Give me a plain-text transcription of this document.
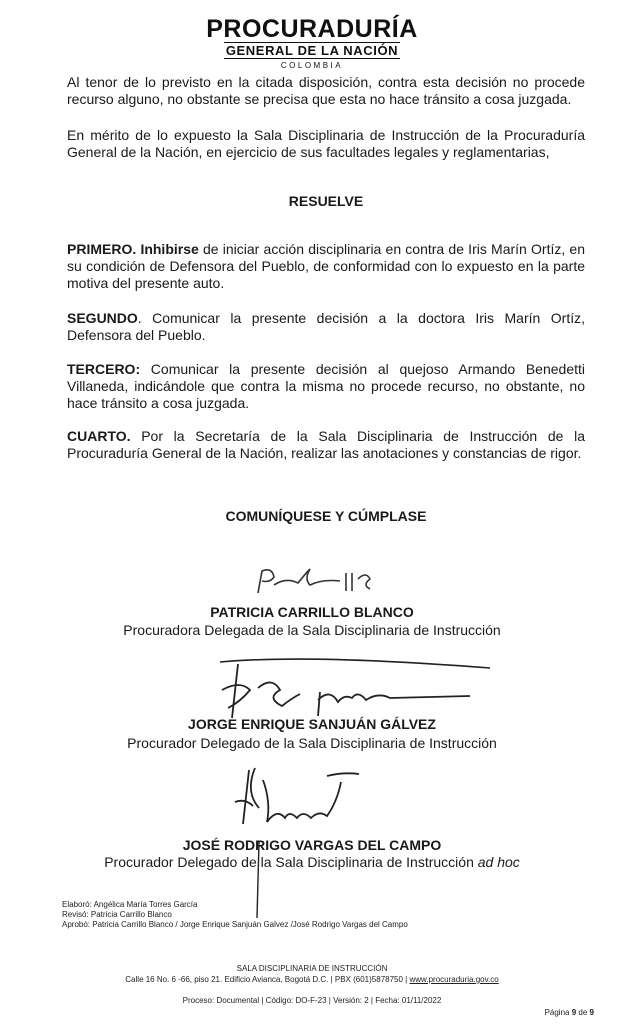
PROCURADURÍA
GENERAL DE LA NACIÓN
COLOMBIA

Al tenor de lo previsto en la citada disposición, contra esta decisión no procede recurso alguno, no obstante se precisa que esta no hace tránsito a cosa juzgada.

En mérito de lo expuesto la Sala Disciplinaria de Instrucción de la Procuraduría General de la Nación, en ejercicio de sus facultades legales y reglamentarias,

RESUELVE

PRIMERO. Inhibirse de iniciar acción disciplinaria en contra de Iris Marín Ortíz, en su condición de Defensora del Pueblo, de conformidad con lo expuesto en la parte motiva del presente auto.

SEGUNDO. Comunicar la presente decisión a la doctora Iris Marín Ortíz, Defensora del Pueblo.

TERCERO: Comunicar la presente decisión al quejoso Armando Benedetti Villaneda, indicándole que contra la misma no procede recurso, no obstante, no hace tránsito a cosa juzgada.

CUARTO. Por la Secretaría de la Sala Disciplinaria de Instrucción de la Procuraduría General de la Nación, realizar las anotaciones y constancias de rigor.

COMUNÍQUESE Y CÚMPLASE
PATRICIA CARRILLO BLANCO
Procuradora Delegada de la Sala Disciplinaria de Instrucción
JORGE ENRIQUE SANJUÁN GÁLVEZ
Procurador Delegado de la Sala Disciplinaria de Instrucción
JOSÉ RODRIGO VARGAS DEL CAMPO
Procurador Delegado de la Sala Disciplinaria de Instrucción ad hoc
Elaboró: Angélica María Torres García
Revisó: Patricia Carrillo Blanco
Aprobó: Patricia Carrillo Blanco / Jorge Enrique Sanjuán Galvez /José Rodrigo Vargas del Campo
SALA DISCIPLINARIA DE INSTRUCCIÓN
Calle 16 No. 6 -66, piso 21. Edificio Avianca, Bogotá D.C. | PBX (601)5878750 | www.procuraduria.gov.co
Proceso: Documental | Código: DO-F-23 | Versión: 2 | Fecha: 01/11/2022
Página 9 de 9
